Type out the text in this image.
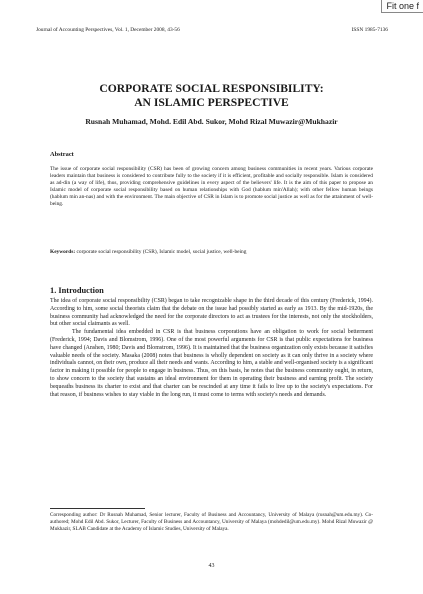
Fit one f
Journal of Accounting Perspectives, Vol. 1, December 2008, 43-56	ISSN 1985-7136
CORPORATE SOCIAL RESPONSIBILITY:
AN ISLAMIC PERSPECTIVE
Rusnah Muhamad, Mohd. Edil Abd. Sukor, Mohd Rizal Muwazir@Mukhazir
Abstract
The issue of corporate social responsibility (CSR) has been of growing concern among business communities in recent years. Various corporate leaders maintain that business is considered to contribute fully to the society if it is efficient, profitable and socially responsible. Islam is considered as ad-din (a way of life), thus, providing comprehensive guidelines in every aspect of the believers' life. It is the aim of this paper to propose an Islamic model of corporate social responsibility based on human relationships with God (hablum min'Allah); with other fellow human beings (hablum min an-nas) and with the environment. The main objective of CSR in Islam is to promote social justice as well as for the attainment of well-being.
Keywords: corporate social responsibility (CSR), Islamic model, social justice, well-being
1. Introduction

The idea of corporate social responsibility (CSR) began to take recognizable shape in the third decade of this century (Frederick, 1994). According to him, some social theorists claim that the debate on the issue had possibly started as early as 1913. By the mid-1920s, the business community had acknowledged the need for the corporate directors to act as trustees for the interests, not only the stockholders, but other social claimants as well.

The fundamental idea embedded in CSR is that business corporations have an obligation to work for social betterment (Frederick, 1994; Davis and Blomstrom, 1996). One of the most powerful arguments for CSR is that public expectations for business have changed (Anshen, 1980; Davis and Blomstrom, 1996). It is maintained that the business organization only exists because it satisfies valuable needs of the society. Masaka (2008) notes that business is wholly dependent on society as it can only thrive in a society where individuals cannot, on their own, produce all their needs and wants. According to him, a stable and well-organised society is a significant factor in making it possible for people to engage in business. Thus, on this basis, he notes that the business community ought, in return, to show concern to the society that sustains an ideal environment for them in operating their business and earning profit. The society bequeaths business its charter to exist and that charter can be rescinded at any time it fails to live up to the society's expectations. For that reason, if business wishes to stay viable in the long run, it must come to terms with society's needs and demands.

Corresponding author: Dr Rusnah Muhamad, Senior lecturer, Faculty of Business and Accountancy, University of Malaya (rusnah@um.edu.my). Co-authored; Mohd Edil Abd. Sukor, Lecturer, Faculty of Business and Accountancy, University of Malaya (mohdedil@um.edu.my). Mohd Rizal Muwazir @ Mukhazir, SLAB Candidate at the Academy of Islamic Studies, University of Malaya.
43
